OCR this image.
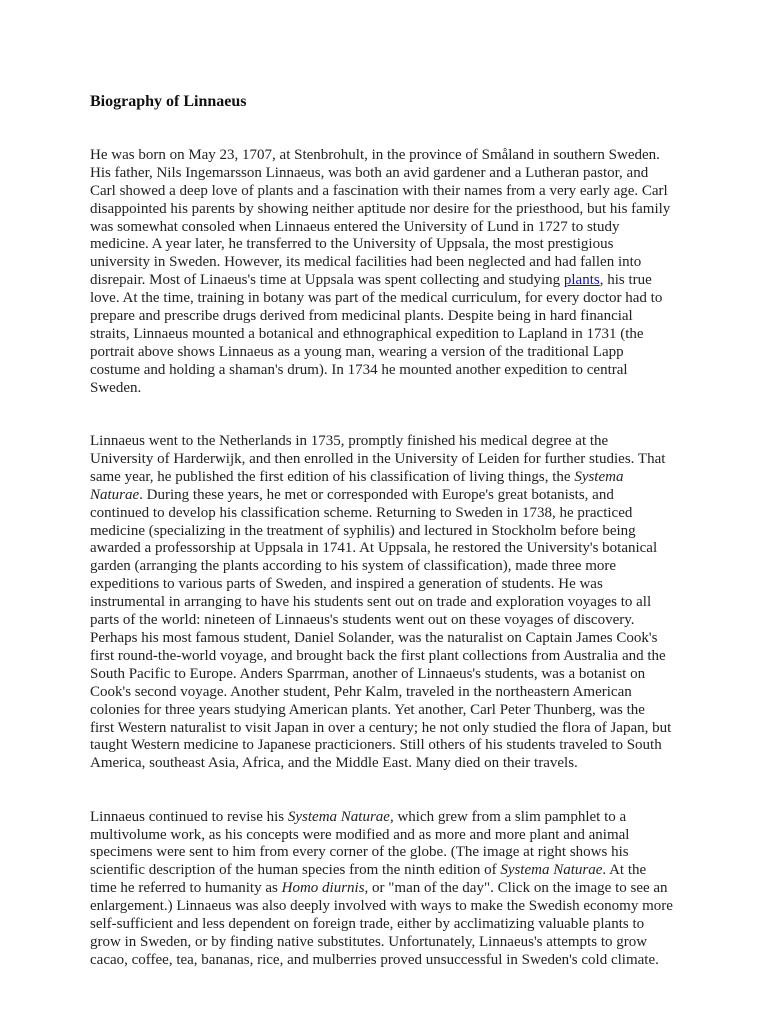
Biography of Linnaeus

He was born on May 23, 1707, at Stenbrohult, in the province of Småland in southern Sweden.
His father, Nils Ingemarsson Linnaeus, was both an avid gardener and a Lutheran pastor, and
Carl showed a deep love of plants and a fascination with their names from a very early age. Carl
disappointed his parents by showing neither aptitude nor desire for the priesthood, but his family
was somewhat consoled when Linnaeus entered the University of Lund in 1727 to study
medicine. A year later, he transferred to the University of Uppsala, the most prestigious
university in Sweden. However, its medical facilities had been neglected and had fallen into
disrepair. Most of Linaeus's time at Uppsala was spent collecting and studying plants, his true
love. At the time, training in botany was part of the medical curriculum, for every doctor had to
prepare and prescribe drugs derived from medicinal plants. Despite being in hard financial
straits, Linnaeus mounted a botanical and ethnographical expedition to Lapland in 1731 (the
portrait above shows Linnaeus as a young man, wearing a version of the traditional Lapp
costume and holding a shaman's drum). In 1734 he mounted another expedition to central
Sweden.

Linnaeus went to the Netherlands in 1735, promptly finished his medical degree at the
University of Harderwijk, and then enrolled in the University of Leiden for further studies. That
same year, he published the first edition of his classification of living things, the Systema
Naturae. During these years, he met or corresponded with Europe's great botanists, and
continued to develop his classification scheme. Returning to Sweden in 1738, he practiced
medicine (specializing in the treatment of syphilis) and lectured in Stockholm before being
awarded a professorship at Uppsala in 1741. At Uppsala, he restored the University's botanical
garden (arranging the plants according to his system of classification), made three more
expeditions to various parts of Sweden, and inspired a generation of students. He was
instrumental in arranging to have his students sent out on trade and exploration voyages to all
parts of the world: nineteen of Linnaeus's students went out on these voyages of discovery.
Perhaps his most famous student, Daniel Solander, was the naturalist on Captain James Cook's
first round-the-world voyage, and brought back the first plant collections from Australia and the
South Pacific to Europe. Anders Sparrman, another of Linnaeus's students, was a botanist on
Cook's second voyage. Another student, Pehr Kalm, traveled in the northeastern American
colonies for three years studying American plants. Yet another, Carl Peter Thunberg, was the
first Western naturalist to visit Japan in over a century; he not only studied the flora of Japan, but
taught Western medicine to Japanese practicioners. Still others of his students traveled to South
America, southeast Asia, Africa, and the Middle East. Many died on their travels.

Linnaeus continued to revise his Systema Naturae, which grew from a slim pamphlet to a
multivolume work, as his concepts were modified and as more and more plant and animal
specimens were sent to him from every corner of the globe. (The image at right shows his
scientific description of the human species from the ninth edition of Systema Naturae. At the
time he referred to humanity as Homo diurnis, or "man of the day". Click on the image to see an
enlargement.) Linnaeus was also deeply involved with ways to make the Swedish economy more
self-sufficient and less dependent on foreign trade, either by acclimatizing valuable plants to
grow in Sweden, or by finding native substitutes. Unfortunately, Linnaeus's attempts to grow
cacao, coffee, tea, bananas, rice, and mulberries proved unsuccessful in Sweden's cold climate.
